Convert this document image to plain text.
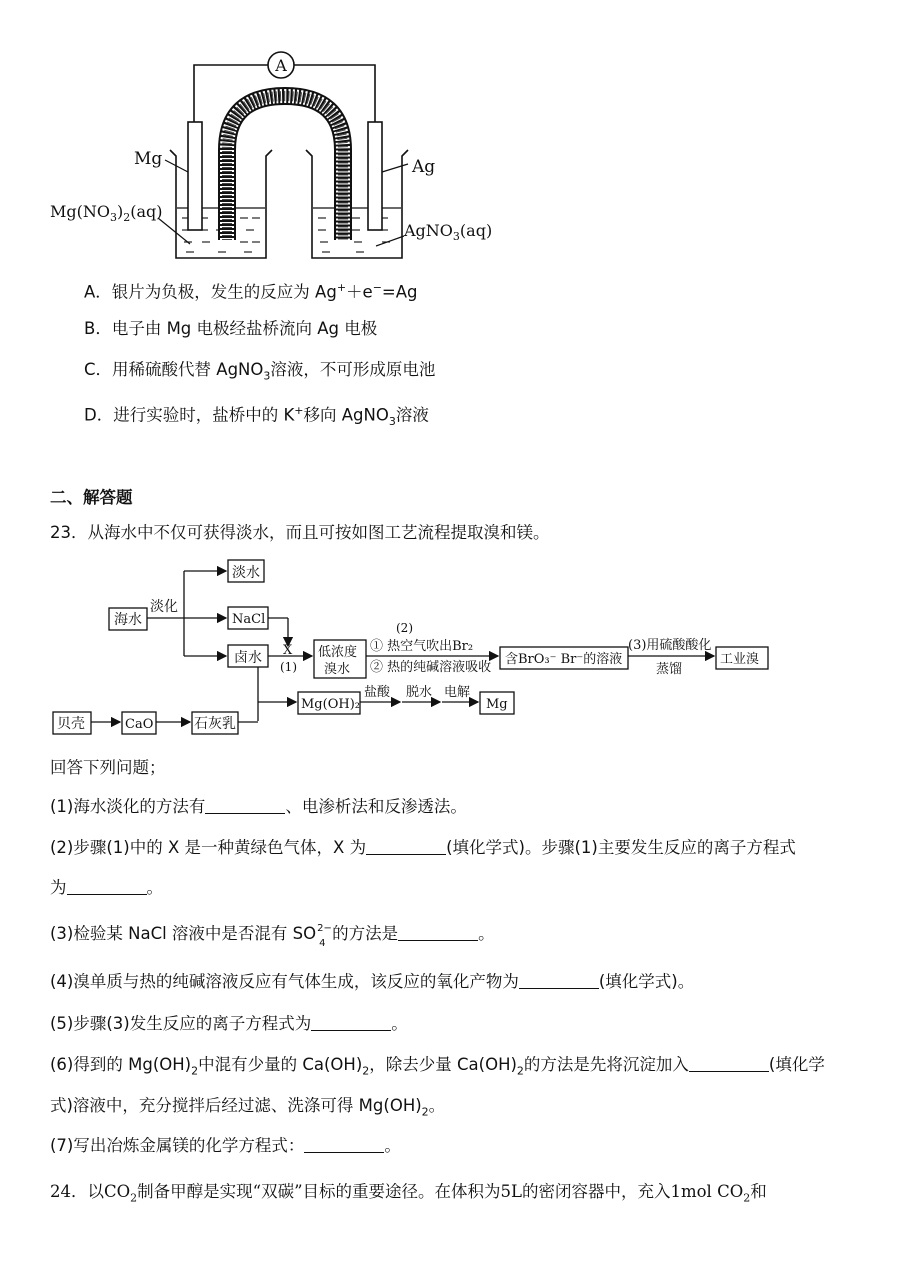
A
Mg
$Mg(NO_3)_2(aq)$
Ag
AgNO$_3$(aq)
A．银片为负极，发生的反应为 Ag+＋e−=Ag
B．电子由 Mg 电极经盐桥流向 Ag 电极
C．用稀硫酸代替 AgNO$_3$溶液，不可形成原电池
D．进行实验时，盐桥中的 K+移向 AgNO$_3$溶液
二、解答题
23．从海水中不仅可获得淡水，而且可按如图工艺流程提取溴和镁。
海水
淡化
淡水
NaCl
卤水 X
(1)
低浓度
溴水
(2)
① 热空气吹出Br₂
② 热的纯碱溶液吸收
含BrO₃⁻ Br⁻的溶液
(3)用硫酸酸化
蒸馏
工业溴
Mg(OH)₂
盐酸 脱水 电解
Mg
贝壳	CaO	石灰乳
回答下列问题；
(1)海水淡化的方法有	、电渗析法和反渗透法。
(2)步骤(1)中的 X 是一种黄绿色气体，X 为	(填化学式)。步骤(1)主要发生反应的离子方程式
为	。
(3)检验某 NaCl 溶液中是否混有 SO 2−
4
的方法是	。
(4)溴单质与热的纯碱溶液反应有气体生成，该反应的氧化产物为	(填化学式)。
(5)步骤(3)发生反应的离子方程式为	。
(6)得到的 $Mg(OH)_2$中混有少量的 $Ca(OH)_2$，除去少量 $Ca(OH)_2$的方法是先将沉淀加入	(填化学
式)溶液中，充分搅拌后经过滤、洗涤可得 $Mg(OH)_2$。
(7)写出冶炼金属镁的化学方程式：	。
24．以$CO_2$制备甲醇是实现“双碳”目标的重要途径。在体积为5L的密闭容器中，充入1mol $CO_2$和
